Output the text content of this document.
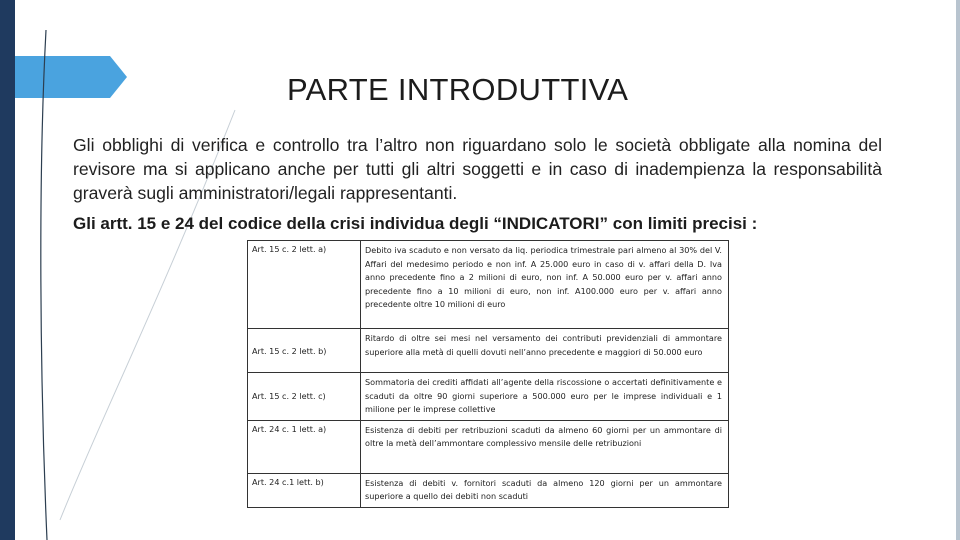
PARTE INTRODUTTIVA
Gli obblighi di verifica e controllo tra l’altro non riguardano solo le società obbligate alla nomina del revisore ma si applicano anche per tutti gli altri soggetti e in caso di inadempienza la responsabilità graverà sugli amministratori/legali rappresentanti.
Gli artt. 15 e 24 del codice della crisi individua degli “INDICATORI” con limiti precisi :
Art. 15 c. 2 lett. a)	Debito iva scaduto e non versato da liq. periodica trimestrale pari almeno al 30% del V. Affari del medesimo periodo e non inf. A 25.000 euro in caso di v. affari della D. Iva anno precedente fino a 2 milioni di euro, non inf. A 50.000 euro per v. affari anno precedente fino a 10 milioni di euro, non inf. A100.000 euro per v. affari anno precedente oltre 10 milioni di euro
Art. 15 c. 2 lett. b)	Ritardo di oltre sei mesi nel versamento dei contributi previdenziali di ammontare superiore alla metà di quelli dovuti nell’anno precedente e maggiori di 50.000 euro
Art. 15 c. 2 lett. c)	Sommatoria dei crediti affidati all’agente della riscossione o accertati definitivamente e scaduti da oltre 90 giorni superiore a 500.000 euro per le imprese individuali e 1 milione per le imprese collettive
Art. 24 c. 1 lett. a)	Esistenza di debiti per retribuzioni scaduti da almeno 60 giorni per un ammontare di oltre la metà dell’ammontare complessivo mensile delle retribuzioni
Art. 24 c.1 lett. b)	Esistenza di debiti v. fornitori scaduti da almeno 120 giorni per un ammontare superiore a quello dei debiti non scaduti
